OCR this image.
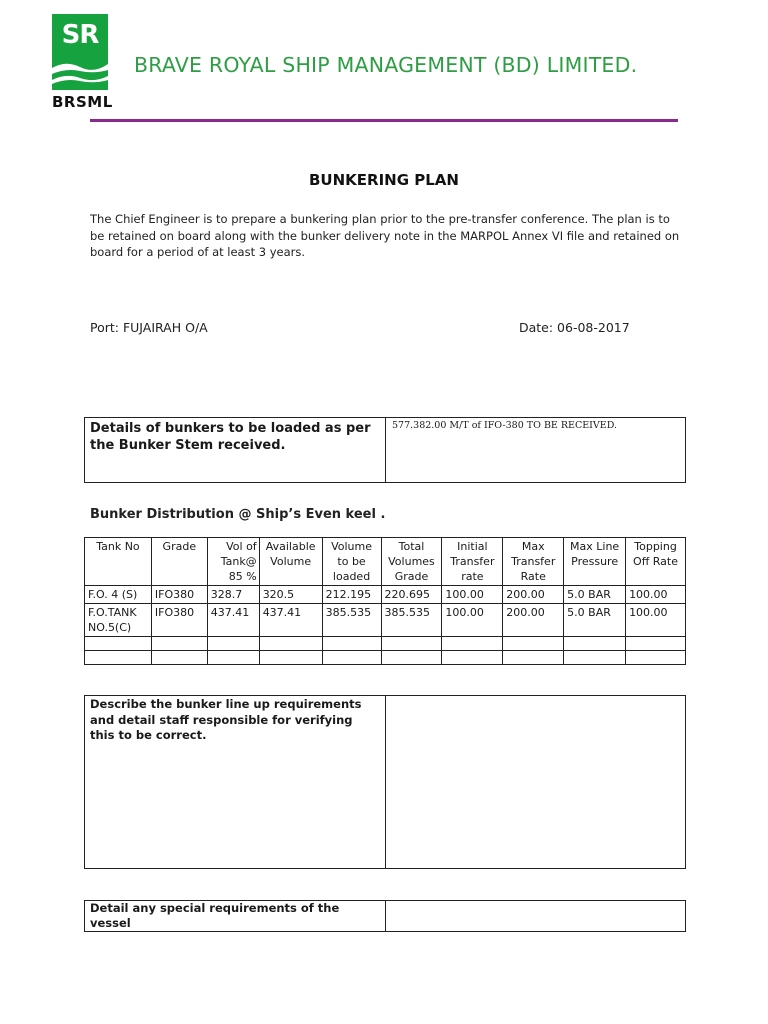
SR
BRSML
BRAVE ROYAL SHIP MANAGEMENT (BD) LIMITED.
BUNKERING PLAN
The Chief Engineer is to prepare a bunkering plan prior to the pre-transfer conference. The plan is to be retained on board along with the bunker delivery note in the MARPOL Annex VI file and retained on board for a period of at least 3 years.
Port: FUJAIRAH O/A	Date: 06-08-2017
Details of bunkers to be loaded as per the Bunker Stem received.	577.382.00 M/T of IFO-380 TO BE RECEIVED.
Bunker Distribution @ Ship’s Even keel .
Tank No	Grade	Vol of Tank@ 85 %	Available Volume	Volume to be loaded	Total Volumes Grade	Initial Transfer rate	Max Transfer Rate	Max Line Pressure	Topping Off Rate
F.O. 4 (S)	IFO380	328.7	320.5	212.195	220.695	100.00	200.00	5.0 BAR	100.00
F.O.TANK NO.5(C)	IFO380	437.41	437.41	385.535	385.535	100.00	200.00	5.0 BAR	100.00

Describe the bunker line up requirements and detail staff responsible for verifying this to be correct.	
Detail any special requirements of the vessel	
